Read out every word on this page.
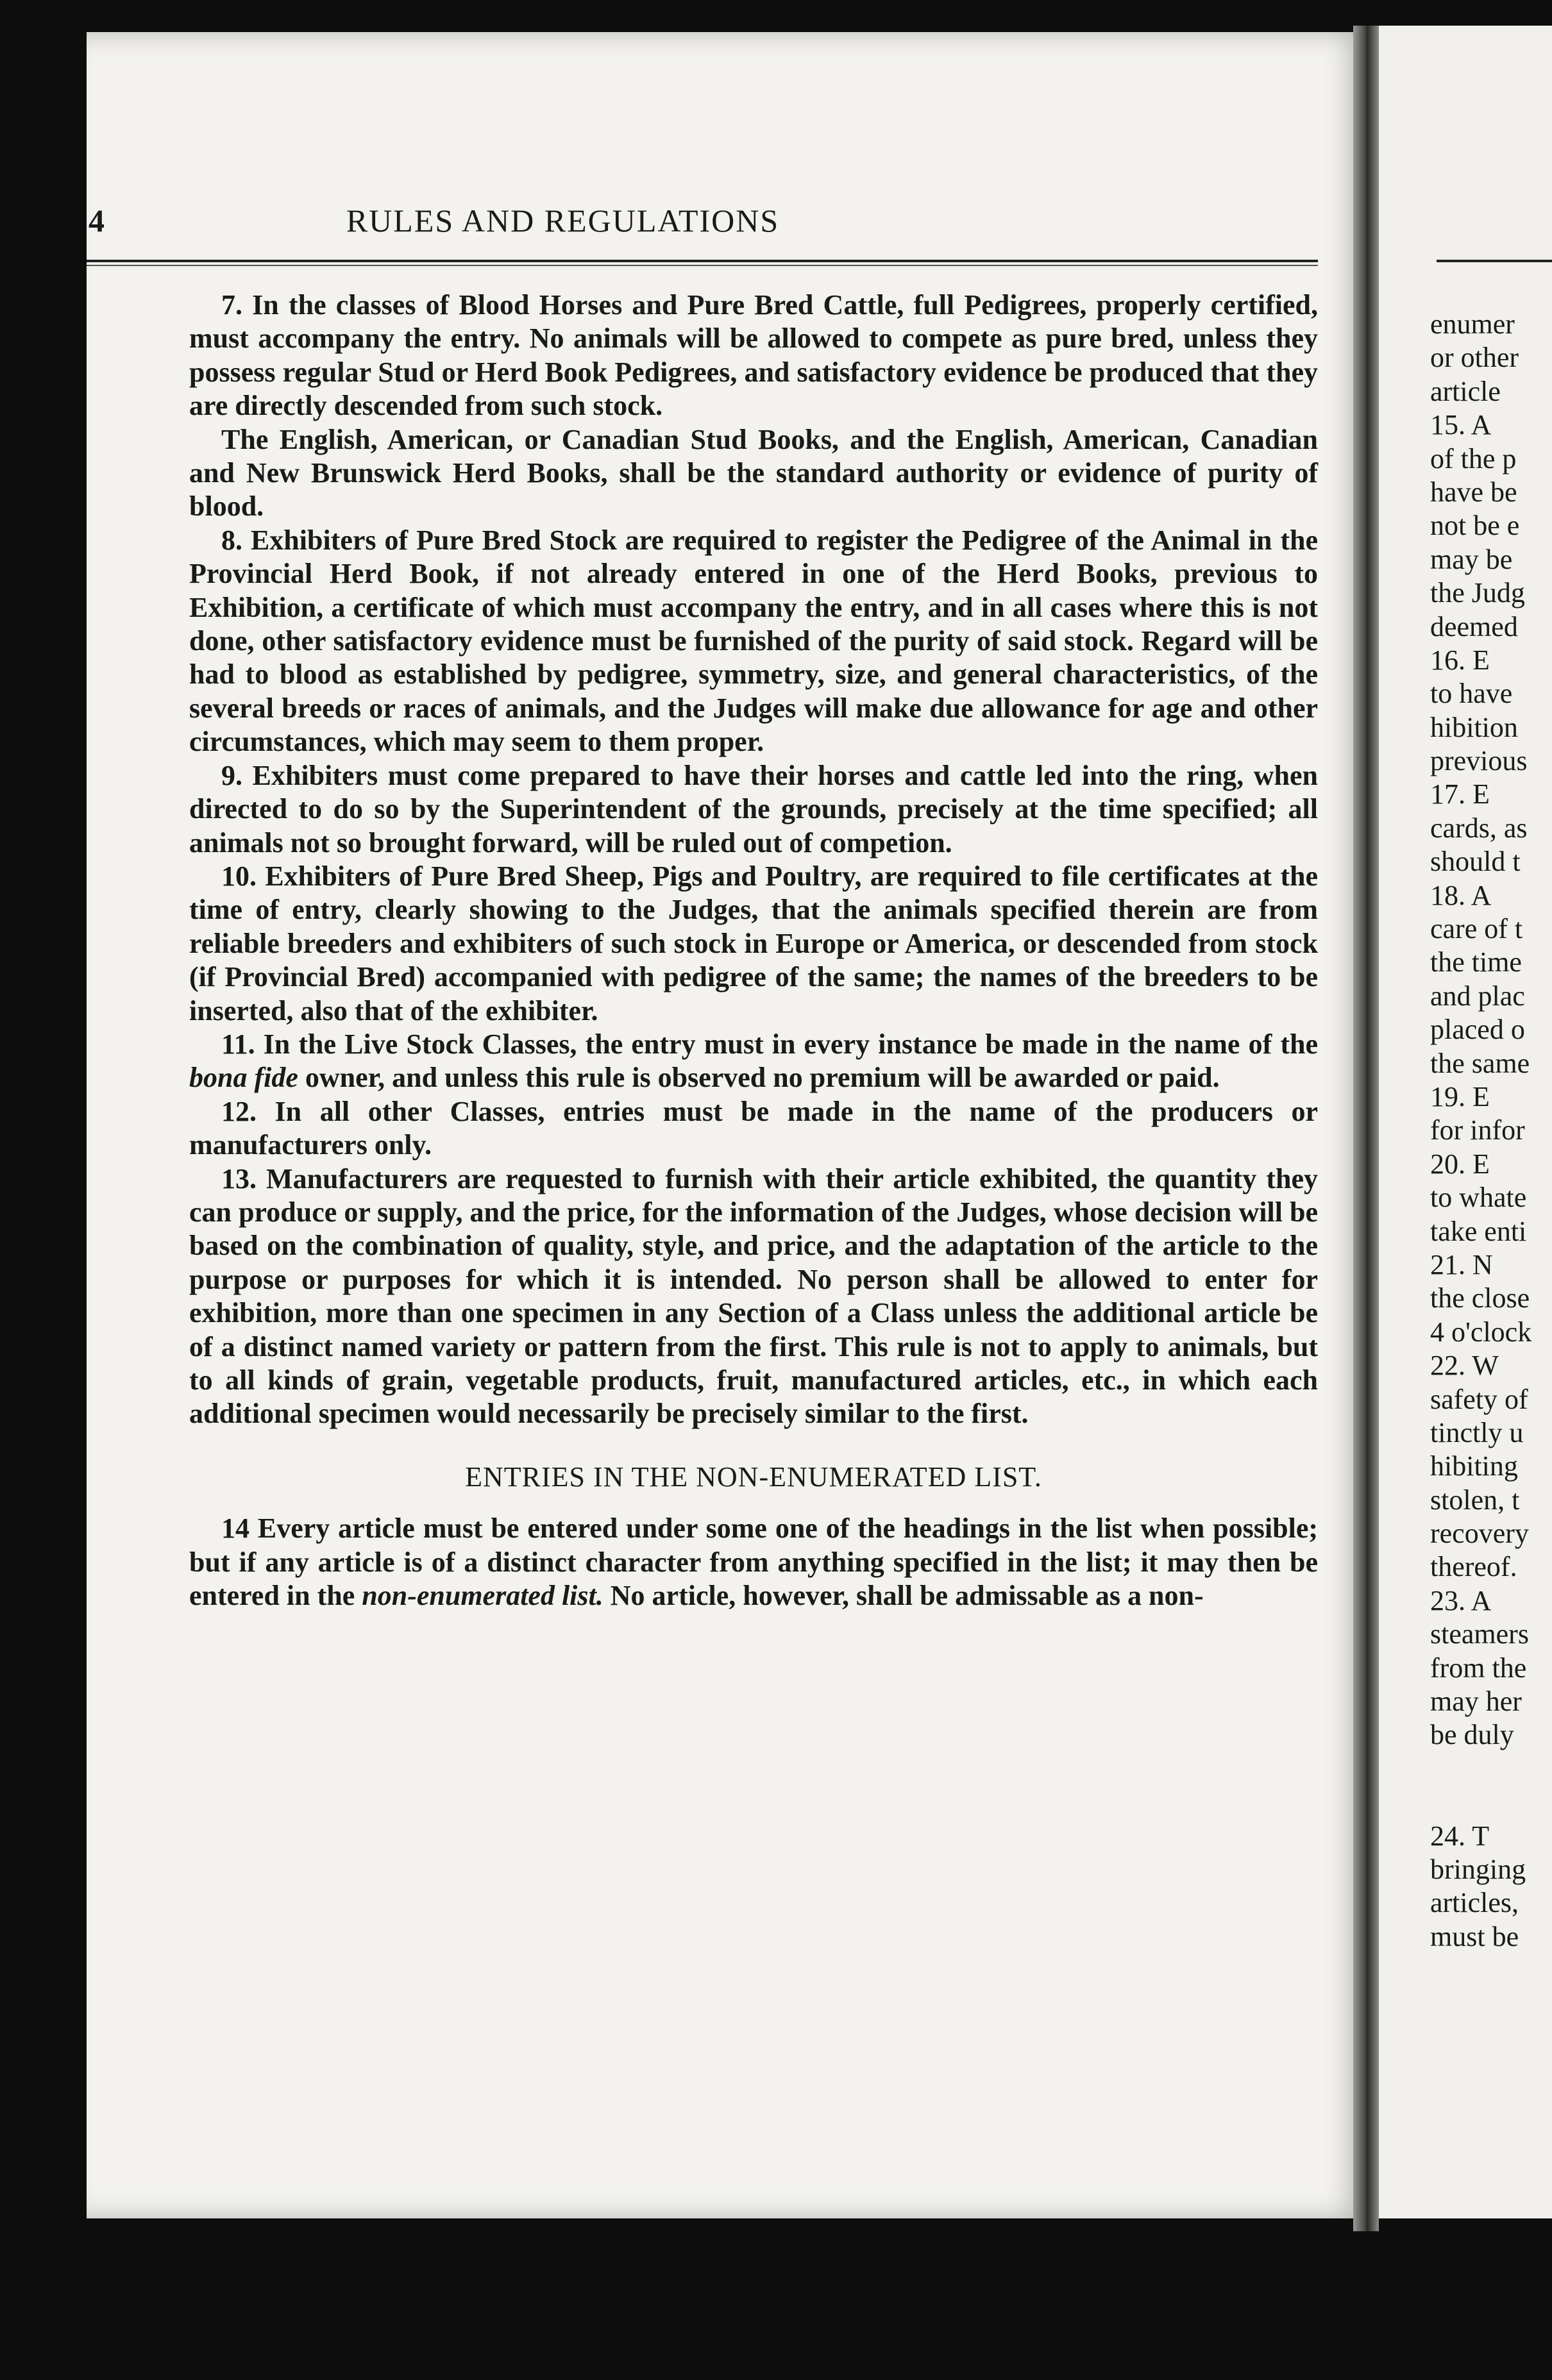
enumer
or other
article
15. A
of the p
have be
not be e
may be
the Judg
deemed
16. E
to have
hibition
previous
17. E
cards, as
should t
18. A
care of t
the time
and plac
placed o
the same
19. E
for infor
20. E
to whate
take enti
21. N
the close
4 o'clock
22. W
safety of
tinctly u
hibiting
stolen, t
recovery
thereof.
23. A
steamers
from the
may her
be duly
24. T
bringing
articles,
must be
4	RULES AND REGULATIONS

7. In the classes of Blood Horses and Pure Bred Cattle, full Pedigrees, properly certified, must accompany the entry. No animals will be allowed to compete as pure bred, unless they possess regular Stud or Herd Book Pedigrees, and satisfactory evidence be produced that they are directly descended from such stock.

The English, American, or Canadian Stud Books, and the English, American, Canadian and New Brunswick Herd Books, shall be the standard authority or evidence of purity of blood.

8. Exhibiters of Pure Bred Stock are required to register the Pedigree of the Animal in the Provincial Herd Book, if not already entered in one of the Herd Books, previous to Exhibition, a certificate of which must accompany the entry, and in all cases where this is not done, other satisfactory evidence must be furnished of the purity of said stock. Regard will be had to blood as established by pedigree, symmetry, size, and general characteristics, of the several breeds or races of animals, and the Judges will make due allowance for age and other circumstances, which may seem to them proper.

9. Exhibiters must come prepared to have their horses and cattle led into the ring, when directed to do so by the Superintendent of the grounds, precisely at the time specified; all animals not so brought forward, will be ruled out of competion.

10. Exhibiters of Pure Bred Sheep, Pigs and Poultry, are required to file certificates at the time of entry, clearly showing to the Judges, that the animals specified therein are from reliable breeders and exhibiters of such stock in Europe or America, or descended from stock (if Provincial Bred) accompanied with pedigree of the same; the names of the breeders to be inserted, also that of the exhibiter.

11. In the Live Stock Classes, the entry must in every instance be made in the name of the bona fide owner, and unless this rule is observed no premium will be awarded or paid.

12. In all other Classes, entries must be made in the name of the producers or manufacturers only.

13. Manufacturers are requested to furnish with their article exhibited, the quantity they can produce or supply, and the price, for the information of the Judges, whose decision will be based on the combination of quality, style, and price, and the adaptation of the article to the purpose or purposes for which it is intended. No person shall be allowed to enter for exhibition, more than one specimen in any Section of a Class unless the additional article be of a distinct named variety or pattern from the first. This rule is not to apply to animals, but to all kinds of grain, vegetable products, fruit, manufactured articles, etc., in which each additional specimen would necessarily be precisely similar to the first.

ENTRIES IN THE NON-ENUMERATED LIST.

14 Every article must be entered under some one of the headings in the list when possible; but if any article is of a distinct character from anything specified in the list; it may then be entered in the non-enumerated list. No article, however, shall be admissable as a non-
